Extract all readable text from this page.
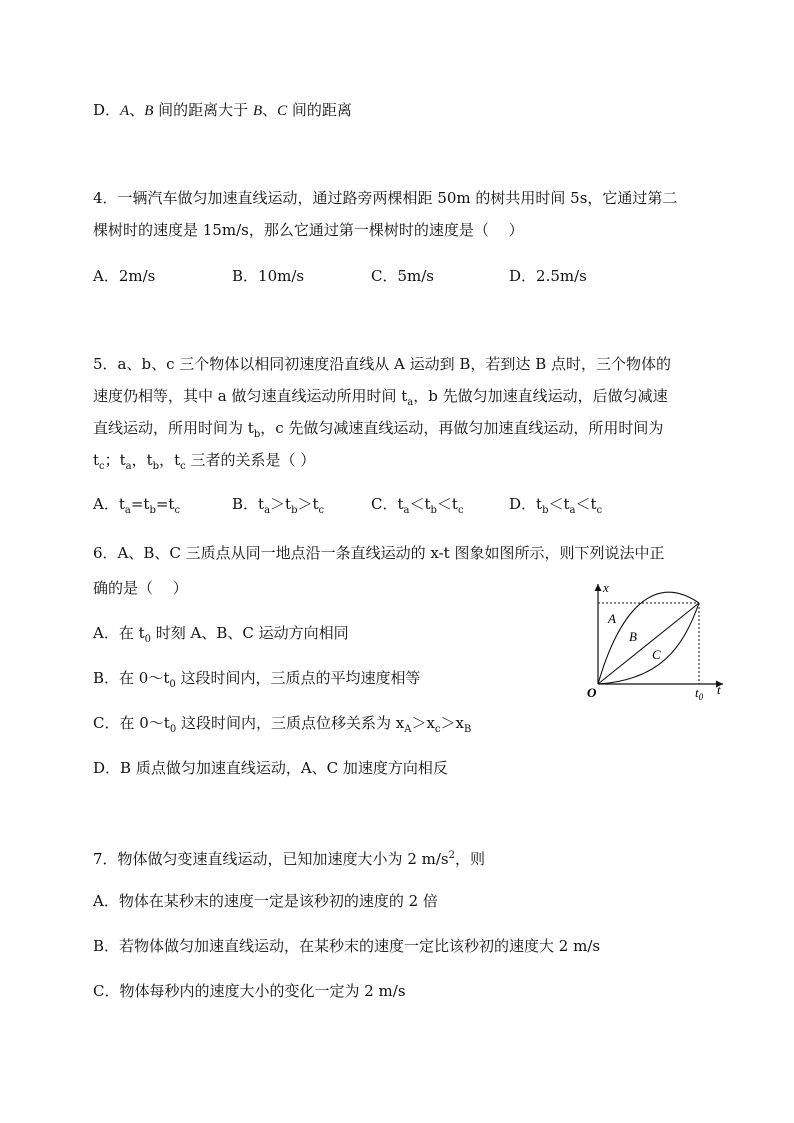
D．A、B 间的距离大于 B、C 间的距离
4．一辆汽车做匀加速直线运动，通过路旁两棵相距 50m 的树共用时间 5s，它通过第二
棵树时的速度是 15m/s，那么它通过第一棵树时的速度是（　 ）
A．2m/s	B．10m/s	C．5m/s	D．2.5m/s
5．a、b、c 三个物体以相同初速度沿直线从 A 运动到 B，若到达 B 点时，三个物体的
速度仍相等，其中 a 做匀速直线运动所用时间 $t_a$，b 先做匀加速直线运动，后做匀减速
直线运动，所用时间为 $t_b$，c 先做匀减速直线运动，再做匀加速直线运动，所用时间为
$t_c$；$t_a$，$t_b$，$t_c$ 三者的关系是（ ）
A．$t_a=t_b=t_c$	B．$t_a>t_b>t_c$	C．$t_a<t_b<t_c$	D．$t_b<t_a<t_c$
6．A、B、C 三质点从同一地点沿一条直线运动的 x-t 图象如图所示，则下列说法中正
确的是（　 ）
A．在 $t_0$ 时刻 A、B、C 运动方向相同
B．在 $0\sim t_0$ 这段时间内，三质点的平均速度相等
C．在 $0\sim t_0$ 这段时间内，三质点位移关系为 $x_A>x_c>x_B$
D．B 质点做匀加速直线运动，A、C 加速度方向相反
x
t
O	$t_0$
A
B
C
7．物体做匀变速直线运动，已知加速度大小为 2 $m/s^2$，则
A．物体在某秒末的速度一定是该秒初的速度的 2 倍
B．若物体做匀加速直线运动，在某秒末的速度一定比该秒初的速度大 2 m/s
C．物体每秒内的速度大小的变化一定为 2 m/s
